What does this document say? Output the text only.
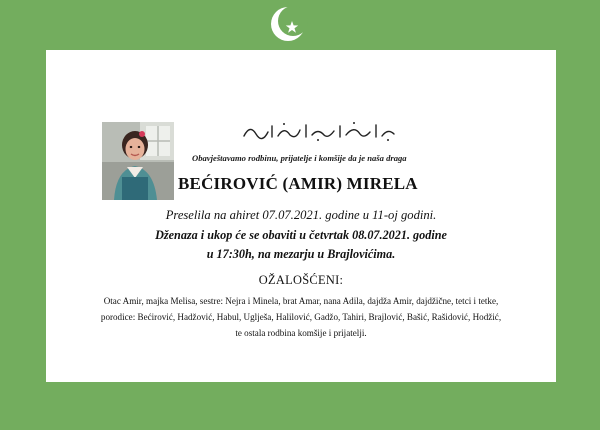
Obavještavamo rodbinu, prijatelje i komšije da je naša draga
BEĆIROVIĆ (AMIR) MIRELA
Preselila na ahiret 07.07.2021. godine u 11-oj godini.
Dženaza i ukop će se obaviti u četvrtak 08.07.2021. godine
u 17:30h, na mezarju u Brajlovićima.
OŽALOŠĆENI:
Otac Amir, majka Melisa, sestre: Nejra i Minela, brat Amar, nana Adila, dajdža Amir, dajdžične, tetci i tetke,
porodice: Bećirović, Hadžović, Habul, Uglješa, Halilović, Gadžo, Tahiri, Brajlović, Bašić, Rašidović, Hodžić,
te ostala rodbina komšije i prijatelji.
